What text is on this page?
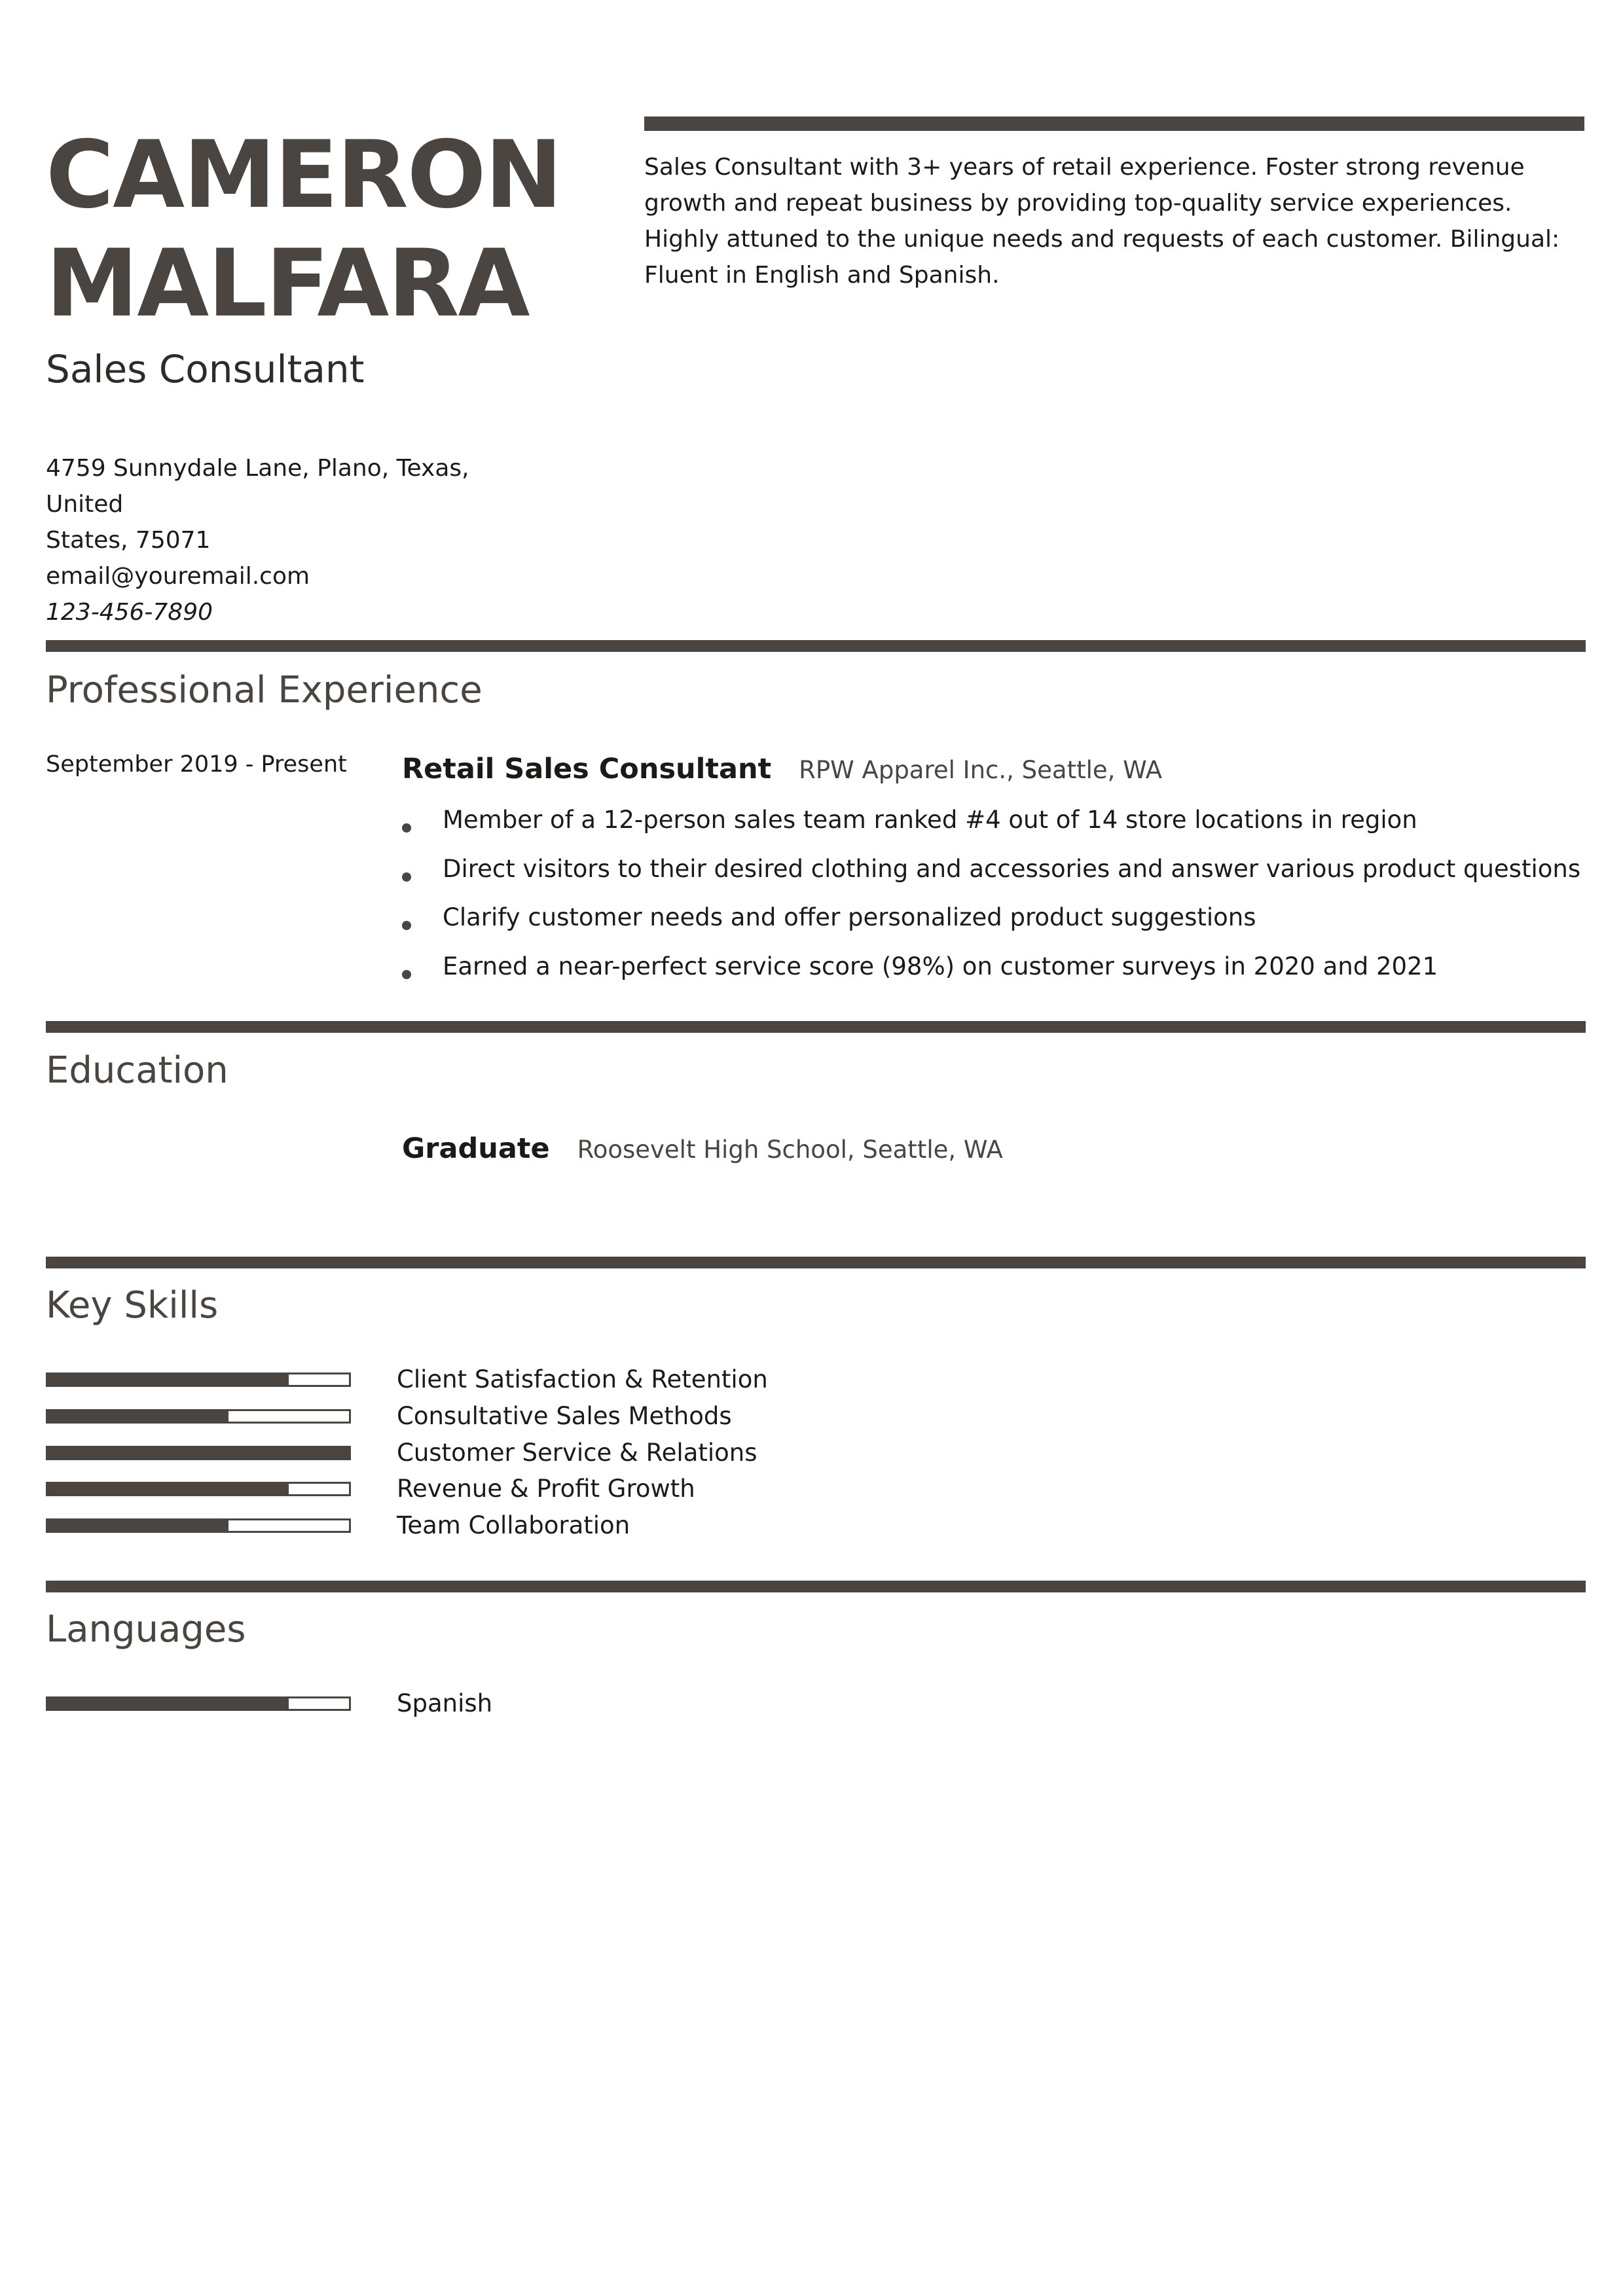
CAMERON
MALFARA
Sales Consultant
4759 Sunnydale Lane, Plano, Texas, United
States, 75071
email@youremail.com
123-456-7890
Sales Consultant with 3+ years of retail experience. Foster strong revenue growth and repeat business by providing top-quality service experiences. Highly attuned to the unique needs and requests of each customer. Bilingual: Fluent in English and Spanish.
Professional Experience
September 2019 - Present Retail Sales Consultant RPW Apparel Inc., Seattle, WA
Member of a 12-person sales team ranked #4 out of 14 store locations in region
Direct visitors to their desired clothing and accessories and answer various product questions
Clarify customer needs and offer personalized product suggestions
Earned a near-perfect service score (98%) on customer surveys in 2020 and 2021
Education
Graduate Roosevelt High School, Seattle, WA
Key Skills
Client Satisfaction & Retention
Consultative Sales Methods
Customer Service & Relations
Revenue & Profit Growth
Team Collaboration
Languages
Spanish
